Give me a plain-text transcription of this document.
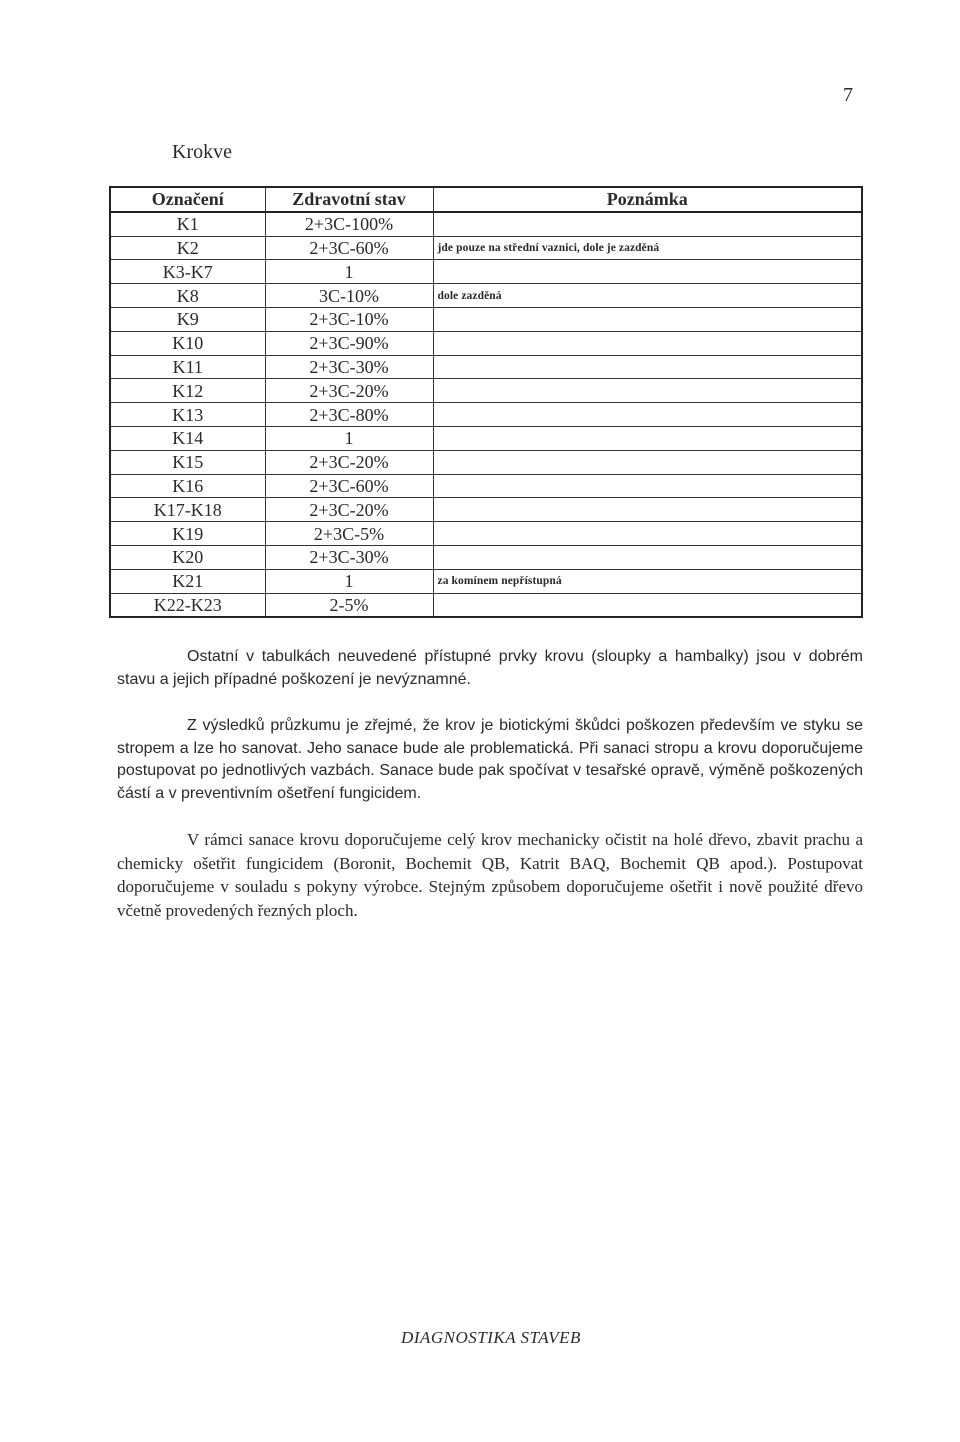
7
Krokve
Označení	Zdravotní stav	Poznámka
K1	2+3C-100%	
K2	2+3C-60%	jde pouze na střední vaznici, dole je zazděná
K3-K7	1	
K8	3C-10%	dole zazděná
K9	2+3C-10%	
K10	2+3C-90%	
K11	2+3C-30%	
K12	2+3C-20%	
K13	2+3C-80%	
K14	1	
K15	2+3C-20%	
K16	2+3C-60%	
K17-K18	2+3C-20%	
K19	2+3C-5%	
K20	2+3C-30%	
K21	1	za komínem nepřístupná
K22-K23	2-5%	
Ostatní v tabulkách neuvedené přístupné prvky krovu (sloupky a hambalky) jsou v dobrém stavu a jejich případné poškození je nevýznamné.
Z výsledků průzkumu je zřejmé, že krov je biotickými škůdci poškozen především ve styku se stropem a lze ho sanovat. Jeho sanace bude ale problematická. Při sanaci stropu a krovu doporučujeme postupovat po jednotlivých vazbách. Sanace bude pak spočívat v tesařské opravě, výměně poškozených částí a v preventivním ošetření fungicidem.
V rámci sanace krovu doporučujeme celý krov mechanicky očistit na holé dřevo, zbavit prachu a chemicky ošetřit fungicidem (Boronit, Bochemit QB, Katrit BAQ, Bochemit QB apod.). Postupovat doporučujeme v souladu s pokyny výrobce. Stejným způsobem doporučujeme ošetřit i nově použité dřevo včetně provedených řezných ploch.
DIAGNOSTIKA STAVEB
